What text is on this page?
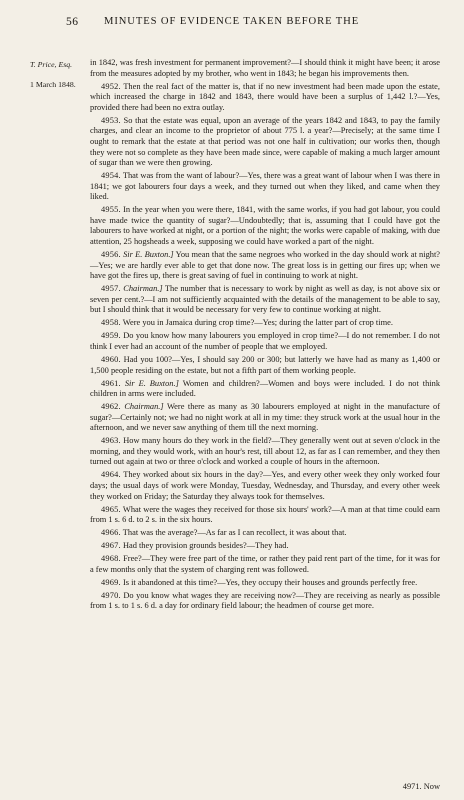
56 MINUTES OF EVIDENCE TAKEN BEFORE THE
T. Price, Esq.
1 March 1848.

in 1842, was fresh investment for permanent improvement?—I should think it might have been; it arose from the measures adopted by my brother, who went in 1843; he began his improvements then.

4952. Then the real fact of the matter is, that if no new investment had been made upon the estate, which increased the charge in 1842 and 1843, there would have been a surplus of 1,442 l.?—Yes, provided there had been no extra outlay.

4953. So that the estate was equal, upon an average of the years 1842 and 1843, to pay the family charges, and clear an income to the proprietor of about 775 l. a year?—Precisely; at the same time I ought to remark that the estate at that period was not one half in cultivation; our works then, though they were not so complete as they have been made since, were capable of making a much larger amount of sugar than we were then growing.

4954. That was from the want of labour?—Yes, there was a great want of labour when I was there in 1841; we got labourers four days a week, and they turned out when they liked, and came when they liked.

4955. In the year when you were there, 1841, with the same works, if you had got labour, you could have made twice the quantity of sugar?—Undoubtedly; that is, assuming that I could have got the labourers to have worked at night, or a portion of the night; the works were capable of making, with due attention, 25 hogsheads a week, supposing we could have worked a part of the night.

4956. Sir E. Buxton.] You mean that the same negroes who worked in the day should work at night?—Yes; we are hardly ever able to get that done now. The great loss is in getting our fires up; when we have got the fires up, there is great saving of fuel in continuing to work at night.

4957. Chairman.] The number that is necessary to work by night as well as day, is not above six or seven per cent.?—I am not sufficiently acquainted with the details of the management to be able to say, but I should think that it would be necessary for very few to continue working at night.

4958. Were you in Jamaica during crop time?—Yes; during the latter part of crop time.

4959. Do you know how many labourers you employed in crop time?—I do not remember. I do not think I ever had an account of the number of people that we employed.

4960. Had you 100?—Yes, I should say 200 or 300; but latterly we have had as many as 1,400 or 1,500 people residing on the estate, but not a fifth part of them working people.

4961. Sir E. Buxton.] Women and children?—Women and boys were included. I do not think children in arms were included.

4962. Chairman.] Were there as many as 30 labourers employed at night in the manufacture of sugar?—Certainly not; we had no night work at all in my time: they struck work at the usual hour in the afternoon, and we never saw anything of them till the next morning.

4963. How many hours do they work in the field?—They generally went out at seven o'clock in the morning, and they would work, with an hour's rest, till about 12, as far as I can remember, and they then turned out again at two or three o'clock and worked a couple of hours in the afternoon.

4964. They worked about six hours in the day?—Yes, and every other week they only worked four days; the usual days of work were Monday, Tuesday, Wednesday, and Thursday, and every other week they worked on Friday; the Saturday they always took for themselves.

4965. What were the wages they received for those six hours' work?—A man at that time could earn from 1 s. 6 d. to 2 s. in the six hours.

4966. That was the average?—As far as I can recollect, it was about that.

4967. Had they provision grounds besides?—They had.

4968. Free?—They were free part of the time, or rather they paid rent part of the time, for it was for a few months only that the system of charging rent was followed.

4969. Is it abandoned at this time?—Yes, they occupy their houses and grounds perfectly free.

4970. Do you know what wages they are receiving now?—They are receiving as nearly as possible from 1 s. to 1 s. 6 d. a day for ordinary field labour; the headmen of course get more.

4971. Now
